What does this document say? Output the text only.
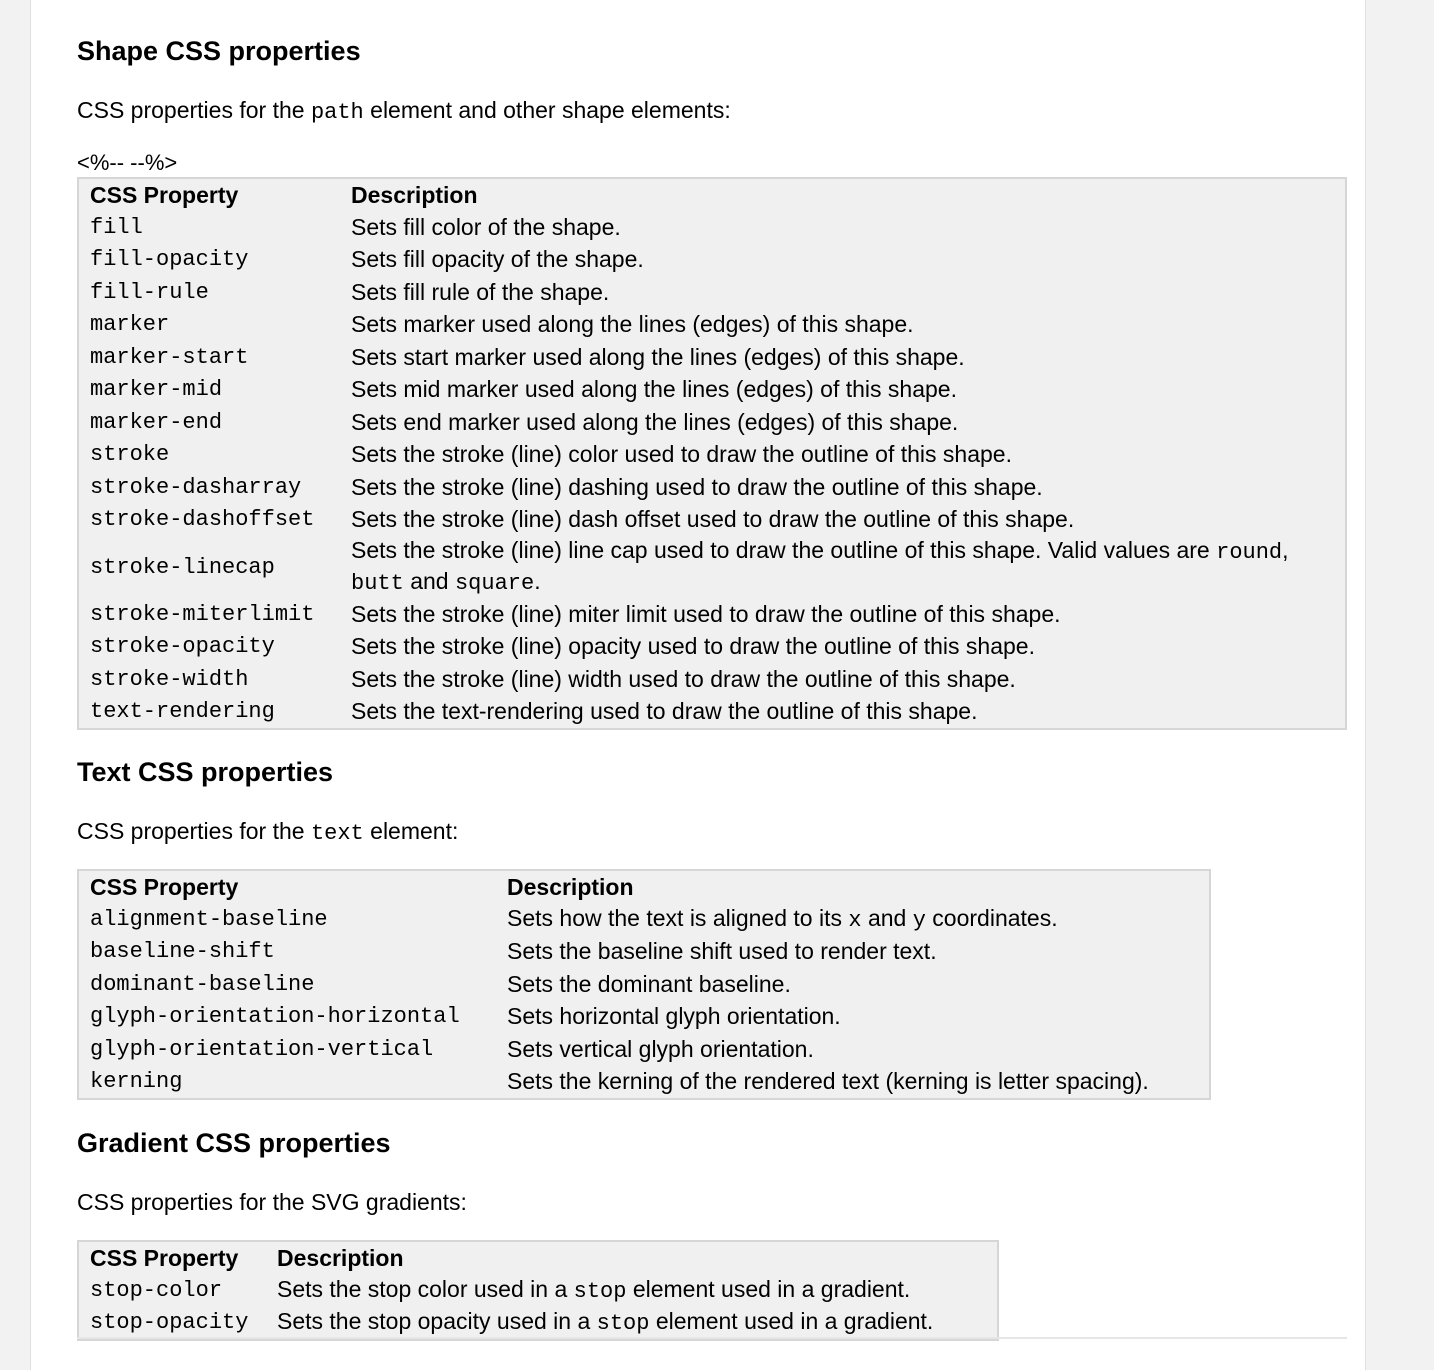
Shape CSS properties

CSS properties for the path element and other shape elements:

<%-- --%>
CSS Property	Description
fill	Sets fill color of the shape.
fill-opacity	Sets fill opacity of the shape.
fill-rule	Sets fill rule of the shape.
marker	Sets marker used along the lines (edges) of this shape.
marker-start	Sets start marker used along the lines (edges) of this shape.
marker-mid	Sets mid marker used along the lines (edges) of this shape.
marker-end	Sets end marker used along the lines (edges) of this shape.
stroke	Sets the stroke (line) color used to draw the outline of this shape.
stroke-dasharray	Sets the stroke (line) dashing used to draw the outline of this shape.
stroke-dashoffset	Sets the stroke (line) dash offset used to draw the outline of this shape.
stroke-linecap	Sets the stroke (line) line cap used to draw the outline of this shape. Valid values are round, butt and square.
stroke-miterlimit	Sets the stroke (line) miter limit used to draw the outline of this shape.
stroke-opacity	Sets the stroke (line) opacity used to draw the outline of this shape.
stroke-width	Sets the stroke (line) width used to draw the outline of this shape.
text-rendering	Sets the text-rendering used to draw the outline of this shape.
Text CSS properties

CSS properties for the text element:

CSS Property	Description
alignment-baseline	Sets how the text is aligned to its x and y coordinates.
baseline-shift	Sets the baseline shift used to render text.
dominant-baseline	Sets the dominant baseline.
glyph-orientation-horizontal	Sets horizontal glyph orientation.
glyph-orientation-vertical	Sets vertical glyph orientation.
kerning	Sets the kerning of the rendered text (kerning is letter spacing).
Gradient CSS properties

CSS properties for the SVG gradients:

CSS Property	Description
stop-color	Sets the stop color used in a stop element used in a gradient.
stop-opacity	Sets the stop opacity used in a stop element used in a gradient.
